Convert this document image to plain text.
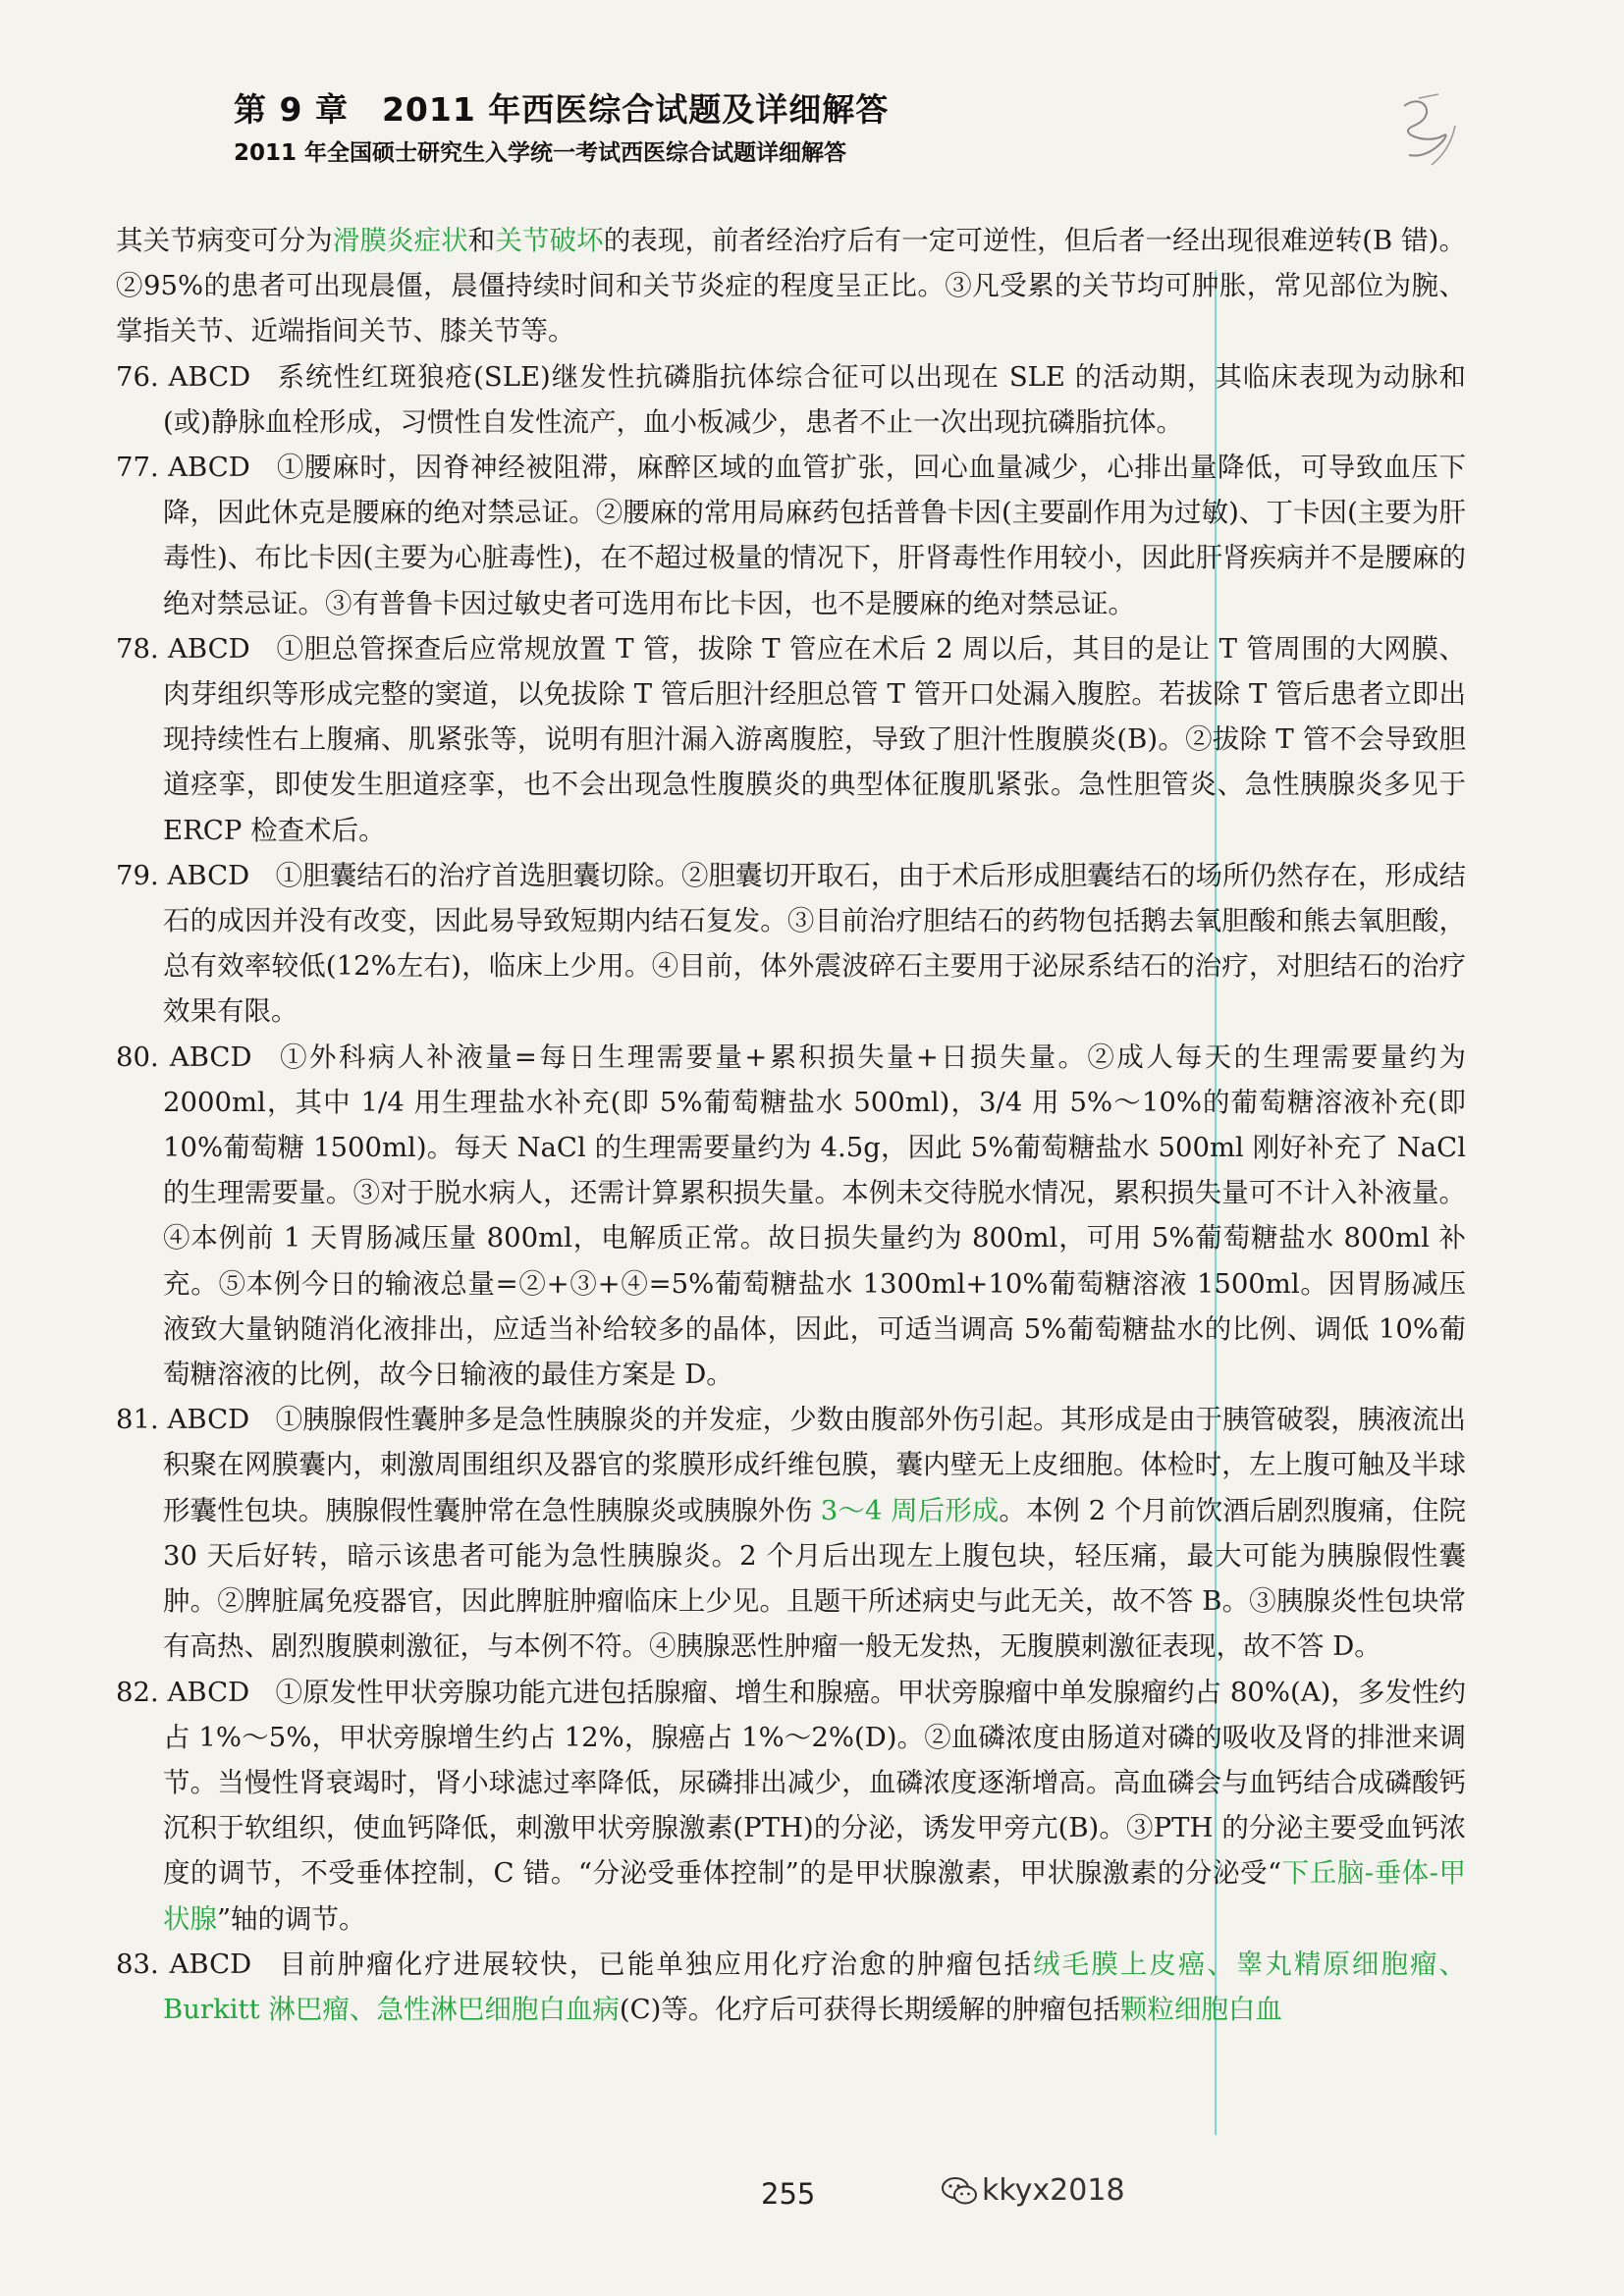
第 9 章　2011 年西医综合试题及详细解答
2011 年全国硕士研究生入学统一考试西医综合试题详细解答
其关节病变可分为滑膜炎症状和关节破坏的表现，前者经治疗后有一定可逆性，但后者一经出现很难逆转(B 错)。②95%的患者可出现晨僵，晨僵持续时间和关节炎症的程度呈正比。③凡受累的关节均可肿胀，常见部位为腕、掌指关节、近端指间关节、膝关节等。
76. ABCD 系统性红斑狼疮(SLE)继发性抗磷脂抗体综合征可以出现在 SLE 的活动期，其临床表现为动脉和(或)静脉血栓形成，习惯性自发性流产，血小板减少，患者不止一次出现抗磷脂抗体。
77. ABCD ①腰麻时，因脊神经被阻滞，麻醉区域的血管扩张，回心血量减少，心排出量降低，可导致血压下降，因此休克是腰麻的绝对禁忌证。②腰麻的常用局麻药包括普鲁卡因(主要副作用为过敏)、丁卡因(主要为肝毒性)、布比卡因(主要为心脏毒性)，在不超过极量的情况下，肝肾毒性作用较小，因此肝肾疾病并不是腰麻的绝对禁忌证。③有普鲁卡因过敏史者可选用布比卡因，也不是腰麻的绝对禁忌证。
78. ABCD ①胆总管探查后应常规放置 T 管，拔除 T 管应在术后 2 周以后，其目的是让 T 管周围的大网膜、肉芽组织等形成完整的窦道，以免拔除 T 管后胆汁经胆总管 T 管开口处漏入腹腔。若拔除 T 管后患者立即出现持续性右上腹痛、肌紧张等，说明有胆汁漏入游离腹腔，导致了胆汁性腹膜炎(B)。②拔除 T 管不会导致胆道痉挛，即使发生胆道痉挛，也不会出现急性腹膜炎的典型体征腹肌紧张。急性胆管炎、急性胰腺炎多见于 ERCP 检查术后。
79. ABCD ①胆囊结石的治疗首选胆囊切除。②胆囊切开取石，由于术后形成胆囊结石的场所仍然存在，形成结石的成因并没有改变，因此易导致短期内结石复发。③目前治疗胆结石的药物包括鹅去氧胆酸和熊去氧胆酸，总有效率较低(12%左右)，临床上少用。④目前，体外震波碎石主要用于泌尿系结石的治疗，对胆结石的治疗效果有限。
80. ABCD ①外科病人补液量=每日生理需要量+累积损失量+日损失量。②成人每天的生理需要量约为 2000ml，其中 1/4 用生理盐水补充(即 5%葡萄糖盐水 500ml)，3/4 用 5%～10%的葡萄糖溶液补充(即 10%葡萄糖 1500ml)。每天 NaCl 的生理需要量约为 4.5g，因此 5%葡萄糖盐水 500ml 刚好补充了 NaCl 的生理需要量。③对于脱水病人，还需计算累积损失量。本例未交待脱水情况，累积损失量可不计入补液量。④本例前 1 天胃肠减压量 800ml，电解质正常。故日损失量约为 800ml，可用 5%葡萄糖盐水 800ml 补充。⑤本例今日的输液总量=②+③+④=5%葡萄糖盐水 1300ml+10%葡萄糖溶液 1500ml。因胃肠减压液致大量钠随消化液排出，应适当补给较多的晶体，因此，可适当调高 5%葡萄糖盐水的比例、调低 10%葡萄糖溶液的比例，故今日输液的最佳方案是 D。
81. ABCD ①胰腺假性囊肿多是急性胰腺炎的并发症，少数由腹部外伤引起。其形成是由于胰管破裂，胰液流出积聚在网膜囊内，刺激周围组织及器官的浆膜形成纤维包膜，囊内壁无上皮细胞。体检时，左上腹可触及半球形囊性包块。胰腺假性囊肿常在急性胰腺炎或胰腺外伤 3～4 周后形成。本例 2 个月前饮酒后剧烈腹痛，住院 30 天后好转，暗示该患者可能为急性胰腺炎。2 个月后出现左上腹包块，轻压痛，最大可能为胰腺假性囊肿。②脾脏属免疫器官，因此脾脏肿瘤临床上少见。且题干所述病史与此无关，故不答 B。③胰腺炎性包块常有高热、剧烈腹膜刺激征，与本例不符。④胰腺恶性肿瘤一般无发热，无腹膜刺激征表现，故不答 D。
82. ABCD ①原发性甲状旁腺功能亢进包括腺瘤、增生和腺癌。甲状旁腺瘤中单发腺瘤约占 80%(A)，多发性约占 1%～5%，甲状旁腺增生约占 12%，腺癌占 1%～2%(D)。②血磷浓度由肠道对磷的吸收及肾的排泄来调节。当慢性肾衰竭时，肾小球滤过率降低，尿磷排出减少，血磷浓度逐渐增高。高血磷会与血钙结合成磷酸钙沉积于软组织，使血钙降低，刺激甲状旁腺激素(PTH)的分泌，诱发甲旁亢(B)。③PTH 的分泌主要受血钙浓度的调节，不受垂体控制，C 错。“分泌受垂体控制”的是甲状腺激素，甲状腺激素的分泌受“下丘脑-垂体-甲状腺”轴的调节。
83. ABCD 目前肿瘤化疗进展较快，已能单独应用化疗治愈的肿瘤包括绒毛膜上皮癌、睾丸精原细胞瘤、Burkitt 淋巴瘤、急性淋巴细胞白血病(C)等。化疗后可获得长期缓解的肿瘤包括颗粒细胞白血
255	kkyx2018
